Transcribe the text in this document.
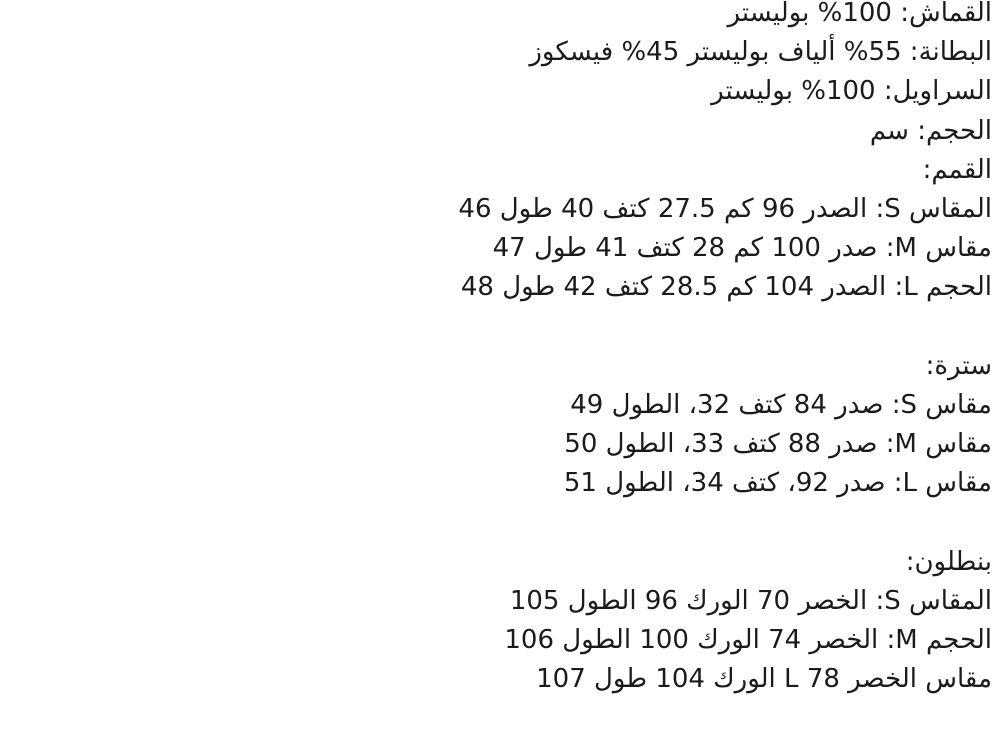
القماش: 100% بوليستر
البطانة: 55% ألياف بوليستر 45% فيسكوز
السراويل: 100% بوليستر
الحجم: سم
القمم:
المقاس S: الصدر 96 كم 27.5 كتف 40 طول 46
مقاس M: صدر 100 كم 28 كتف 41 طول 47
الحجم L: الصدر 104 كم 28.5 كتف 42 طول 48
سترة:
مقاس S: صدر 84 كتف 32، الطول 49
مقاس M: صدر 88 كتف 33، الطول 50
مقاس L: صدر 92، كتف 34، الطول 51
بنطلون:
المقاس S: الخصر 70 الورك 96 الطول 105
الحجم M: الخصر 74 الورك 100 الطول 106
مقاس الخصر 78 L الورك 104 طول 107
